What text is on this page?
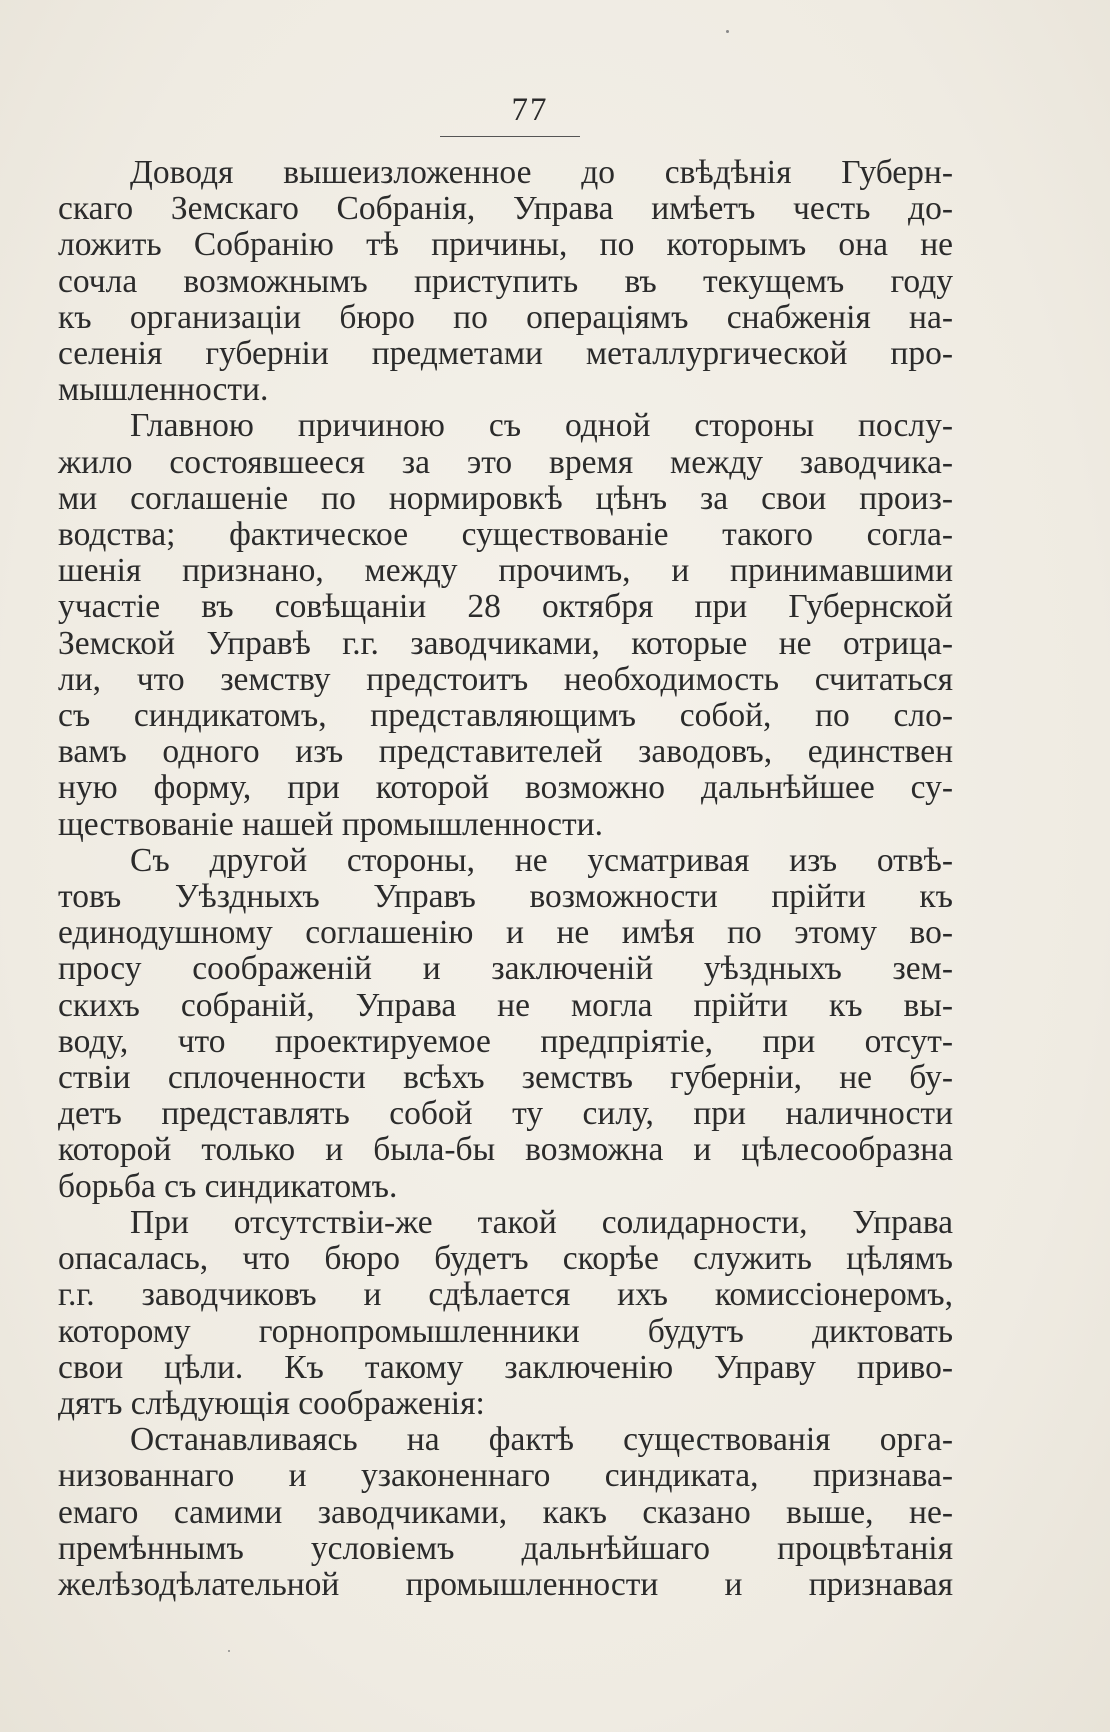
77
Доводя вышеизложенное до свѣдѣнія Губерн-
скаго Земскаго Собранія, Управа имѣетъ честь до-
ложить Собранію тѣ причины, по которымъ она не
сочла возможнымъ приступить въ текущемъ году
къ организаціи бюро по операціямъ снабженія на-
селенія губерніи предметами металлургической про-
мышленности.
Главною причиною съ одной стороны послу-
жило состоявшееся за это время между заводчика-
ми соглашеніе по нормировкѣ цѣнъ за свои произ-
водства; фактическое существованіе такого согла-
шенія признано, между прочимъ, и принимавшими
участіе въ совѣщаніи 28 октября при Губернской
Земской Управѣ г.г. заводчиками, которые не отрица-
ли, что земству предстоитъ необходимость считаться
съ синдикатомъ, представляющимъ собой, по сло-
вамъ одного изъ представителей заводовъ, единствен
ную форму, при которой возможно дальнѣйшее су-
ществованіе нашей промышленности.
Съ другой стороны, не усматривая изъ отвѣ-
товъ Уѣздныхъ Управъ возможности прійти къ
единодушному соглашенію и не имѣя по этому во-
просу соображеній и заключеній уѣздныхъ зем-
скихъ собраній, Управа не могла прійти къ вы-
воду, что проектируемое предпріятіе, при отсут-
ствіи сплоченности всѣхъ земствъ губерніи, не бу-
детъ представлять собой ту силу, при наличности
которой только и была-бы возможна и цѣлесообразна
борьба съ синдикатомъ.
При отсутствіи-же такой солидарности, Управа
опасалась, что бюро будетъ скорѣе служить цѣлямъ
г.г. заводчиковъ и сдѣлается ихъ комиссіонеромъ,
которому горнопромышленники будутъ диктовать
свои цѣли. Къ такому заключенію Управу приво-
дятъ слѣдующія соображенія:
Останавливаясь на фактѣ существованія орга-
низованнаго и узаконеннаго синдиката, признава-
емаго самими заводчиками, какъ сказано выше, не-
премѣннымъ условіемъ дальнѣйшаго процвѣтанія
желѣзодѣлательной промышленности и признавая
